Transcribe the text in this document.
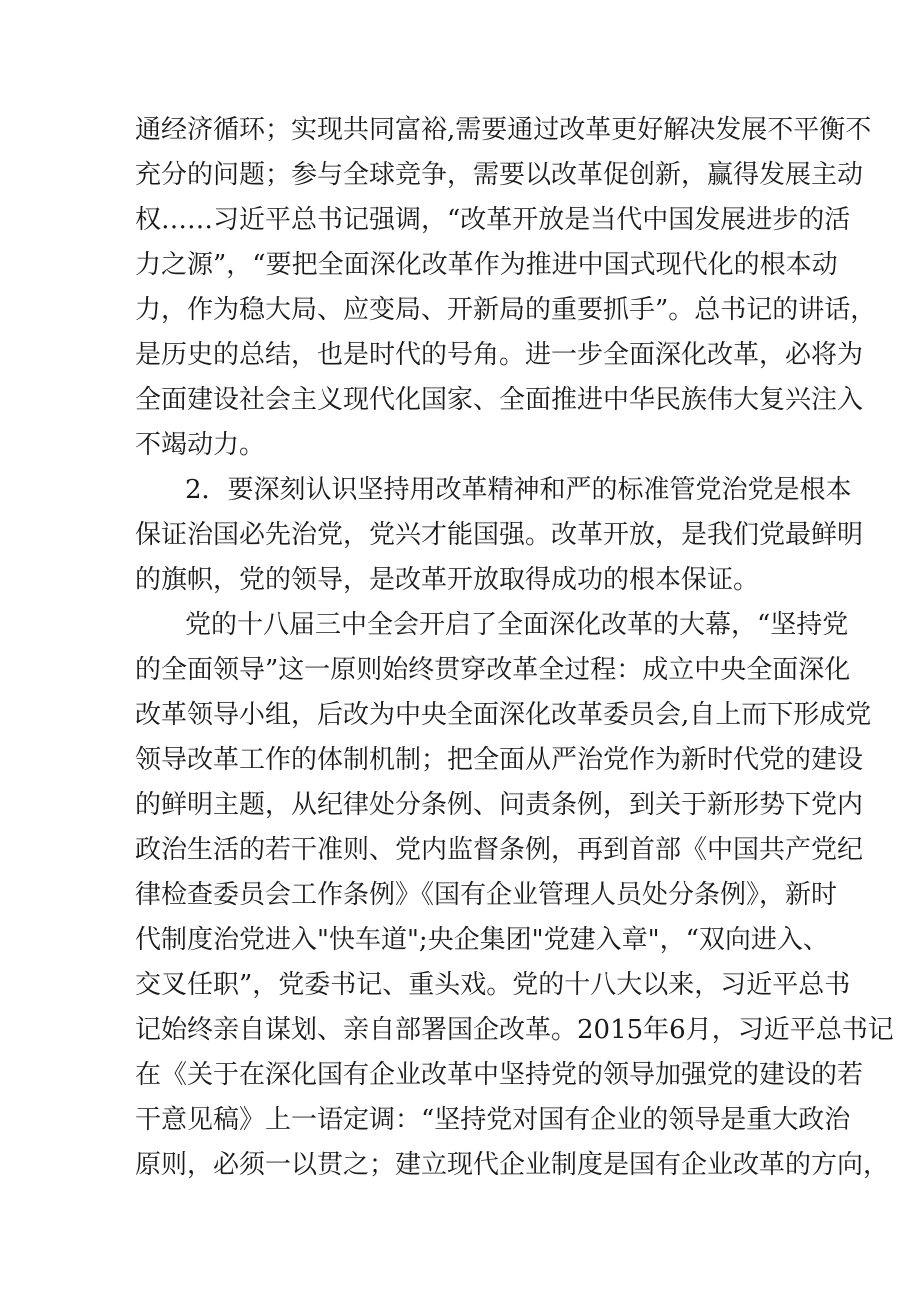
通经济循环；实现共同富裕,需要通过改革更好解决发展不平衡不
充分的问题；参与全球竞争，需要以改革促创新，赢得发展主动
权……习近平总书记强调，“改革开放是当代中国发展进步的活
力之源”，“要把全面深化改革作为推进中国式现代化的根本动
力，作为稳大局、应变局、开新局的重要抓手”。总书记的讲话，
是历史的总结，也是时代的号角。进一步全面深化改革，必将为
全面建设社会主义现代化国家、全面推进中华民族伟大复兴注入
不竭动力。
2．要深刻认识坚持用改革精神和严的标准管党治党是根本
保证治国必先治党，党兴才能国强。改革开放，是我们党最鲜明
的旗帜，党的领导，是改革开放取得成功的根本保证。
党的十八届三中全会开启了全面深化改革的大幕，“坚持党
的全面领导”这一原则始终贯穿改革全过程：成立中央全面深化
改革领导小组，后改为中央全面深化改革委员会,自上而下形成党
领导改革工作的体制机制；把全面从严治党作为新时代党的建设
的鲜明主题，从纪律处分条例、问责条例，到关于新形势下党内
政治生活的若干准则、党内监督条例，再到首部《中国共产党纪
律检查委员会工作条例》《国有企业管理人员处分条例》，新时
代制度治党进入"快车道";央企集团"党建入章"，“双向进入、
交叉任职”，党委书记、重头戏。党的十八大以来，习近平总书
记始终亲自谋划、亲自部署国企改革。2015年6月，习近平总书记
在《关于在深化国有企业改革中坚持党的领导加强党的建设的若
干意见稿》上一语定调：“坚持党对国有企业的领导是重大政治
原则，必须一以贯之；建立现代企业制度是国有企业改革的方向，
